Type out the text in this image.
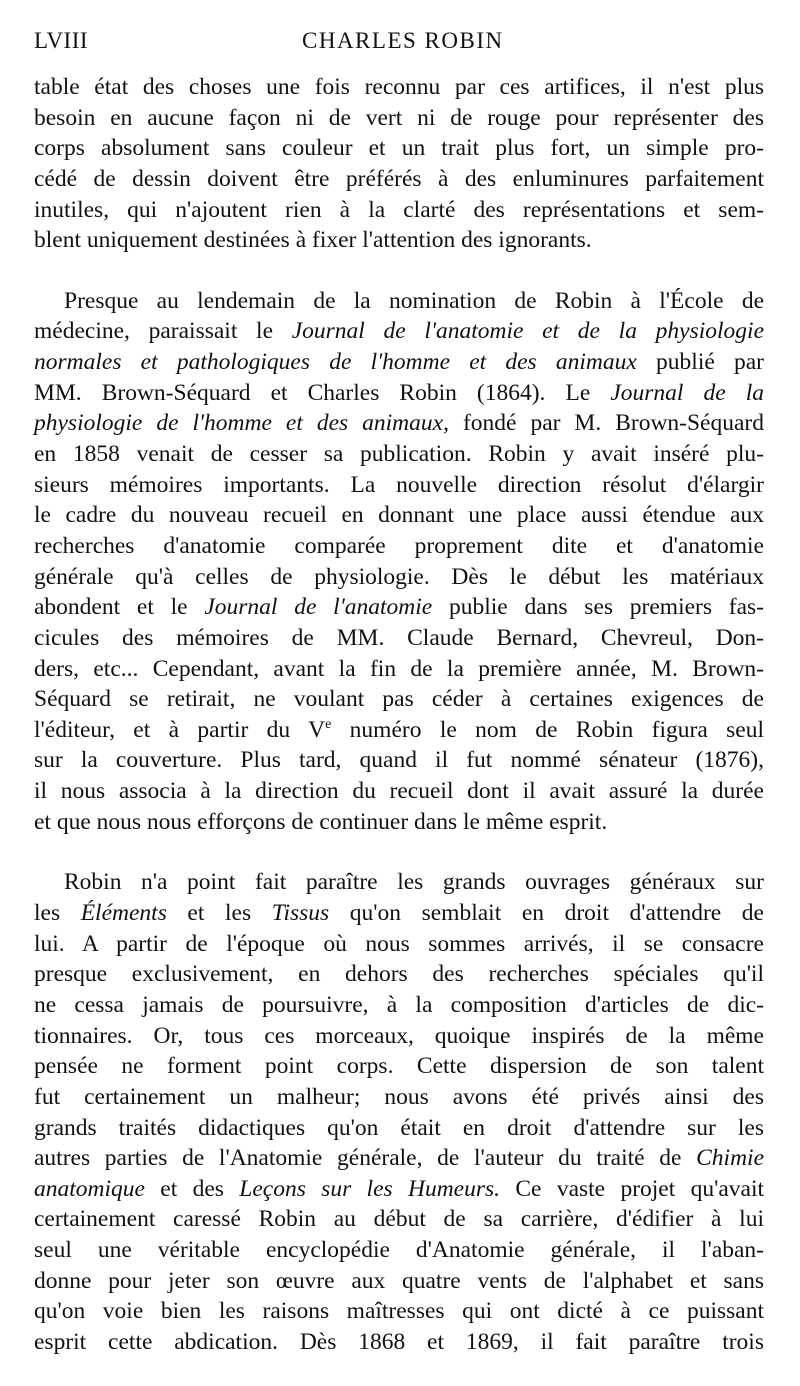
LVIII	CHARLES ROBIN
table état des choses une fois reconnu par ces artifices, il n'est plus
besoin en aucune façon ni de vert ni de rouge pour représenter des
corps absolument sans couleur et un trait plus fort, un simple pro-
cédé de dessin doivent être préférés à des enluminures parfaitement
inutiles, qui n'ajoutent rien à la clarté des représentations et sem-
blent uniquement destinées à fixer l'attention des ignorants.
Presque au lendemain de la nomination de Robin à l'École de
médecine, paraissait le Journal de l'anatomie et de la physiologie
normales et pathologiques de l'homme et des animaux publié par
MM. Brown-Séquard et Charles Robin (1864). Le Journal de la
physiologie de l'homme et des animaux, fondé par M. Brown-Séquard
en 1858 venait de cesser sa publication. Robin y avait inséré plu-
sieurs mémoires importants. La nouvelle direction résolut d'élargir
le cadre du nouveau recueil en donnant une place aussi étendue aux
recherches d'anatomie comparée proprement dite et d'anatomie
générale qu'à celles de physiologie. Dès le début les matériaux
abondent et le Journal de l'anatomie publie dans ses premiers fas-
cicules des mémoires de MM. Claude Bernard, Chevreul, Don-
ders, etc... Cependant, avant la fin de la première année, M. Brown-
Séquard se retirait, ne voulant pas céder à certaines exigences de
l'éditeur, et à partir du Ve numéro le nom de Robin figura seul
sur la couverture. Plus tard, quand il fut nommé sénateur (1876),
il nous associa à la direction du recueil dont il avait assuré la durée
et que nous nous efforçons de continuer dans le même esprit.
Robin n'a point fait paraître les grands ouvrages généraux sur
les Éléments et les Tissus qu'on semblait en droit d'attendre de
lui. A partir de l'époque où nous sommes arrivés, il se consacre
presque exclusivement, en dehors des recherches spéciales qu'il
ne cessa jamais de poursuivre, à la composition d'articles de dic-
tionnaires. Or, tous ces morceaux, quoique inspirés de la même
pensée ne forment point corps. Cette dispersion de son talent
fut certainement un malheur; nous avons été privés ainsi des
grands traités didactiques qu'on était en droit d'attendre sur les
autres parties de l'Anatomie générale, de l'auteur du traité de Chimie
anatomique et des Leçons sur les Humeurs. Ce vaste projet qu'avait
certainement caressé Robin au début de sa carrière, d'édifier à lui
seul une véritable encyclopédie d'Anatomie générale, il l'aban-
donne pour jeter son œuvre aux quatre vents de l'alphabet et sans
qu'on voie bien les raisons maîtresses qui ont dicté à ce puissant
esprit cette abdication. Dès 1868 et 1869, il fait paraître trois
